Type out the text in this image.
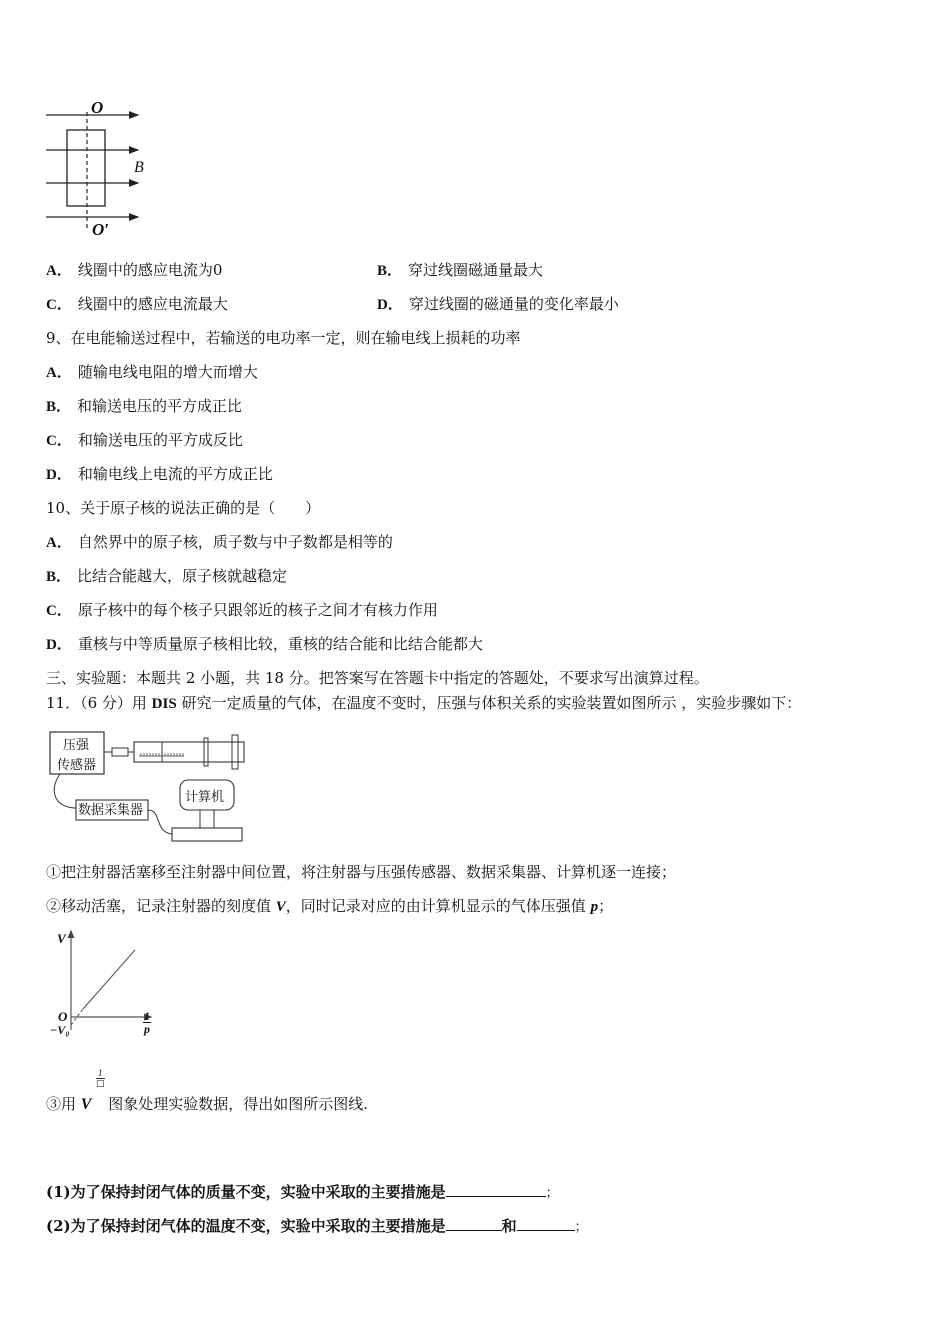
O
O′
B
A． 线圈中的感应电流为0	B． 穿过线圈磁通量最大
C． 线圈中的感应电流最大	D． 穿过线圈的磁通量的变化率最小
9、在电能输送过程中，若输送的电功率一定，则在输电线上损耗的功率
A． 随输电线电阻的增大而增大
B． 和输送电压的平方成正比
C． 和输送电压的平方成反比
D． 和输电线上电流的平方成正比
10、关于原子核的说法正确的是（　　）
A． 自然界中的原子核，质子数与中子数都是相等的
B． 比结合能越大，原子核就越稳定
C． 原子核中的每个核子只跟邻近的核子之间才有核力作用
D． 重核与中等质量原子核相比较，重核的结合能和比结合能都大
三、实验题：本题共 2 小题，共 18 分。把答案写在答题卡中指定的答题处，不要求写出演算过程。
11．（6 分）用 DIS 研究一定质量的气体，在温度不变时，压强与体积关系的实验装置如图所示 ，实验步骤如下：
压强
传感器
数据采集器
计算机
①把注射器活塞移至注射器中间位置，将注射器与压强传感器、数据采集器、计算机逐一连接；
②移动活塞，记录注射器的刻度值 V，同时记录对应的由计算机显示的气体压强值 p；
V
O
−V₀	$\frac{1}{p}$
1
□
③用 V 图象处理实验数据，得出如图所示图线.
(1)为了保持封闭气体的质量不变，实验中采取的主要措施是	；
(2)为了保持封闭气体的温度不变，实验中采取的主要措施是	和	；
